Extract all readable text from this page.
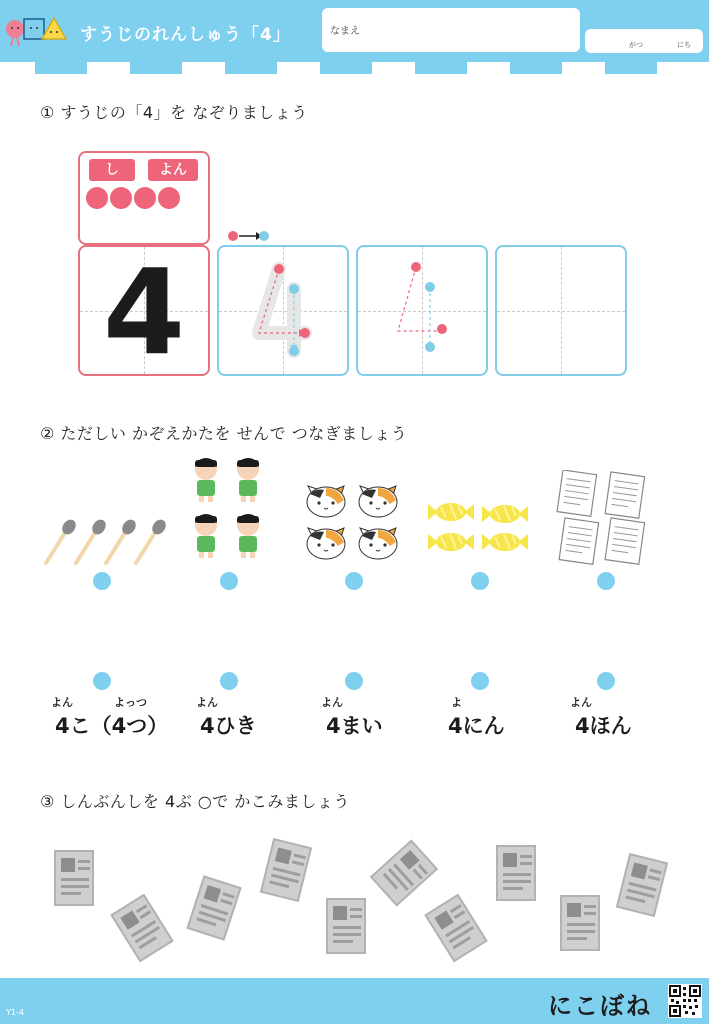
すうじのれんしゅう「4」	なまえ
がつ	にち
① すうじの「4」を なぞりましょう
し	よん
4
② ただしい かぞえかたを せんで つなぎましょう
よん	よっつ
4こ（4つ）
よん
4ひき
よん
4まい
よ
4にん
よん
4ほん
③ しんぶんしを 4ぶ ○で かこみましょう
Y1-4	にこぼね
